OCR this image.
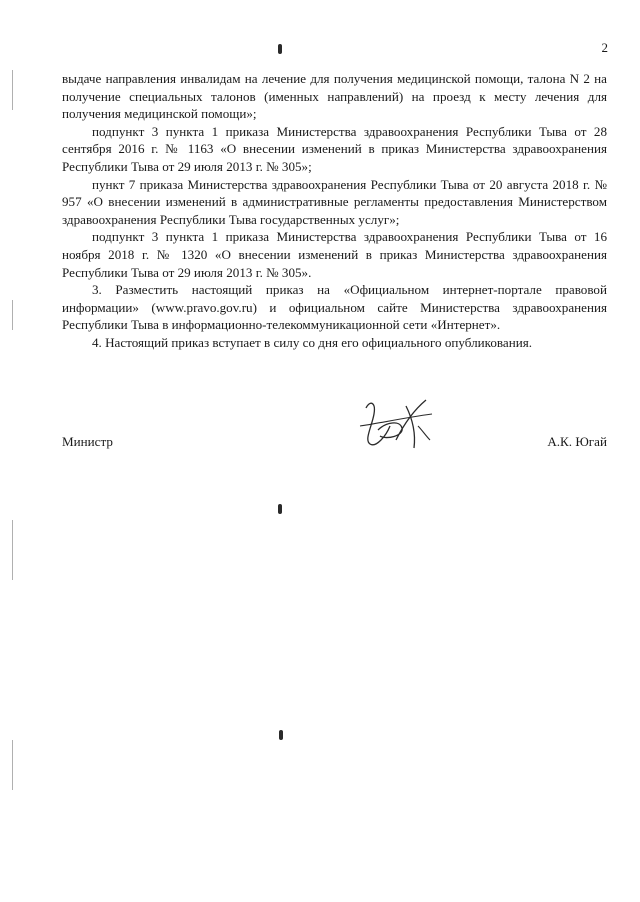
2

выдаче направления инвалидам на лечение для получения медицинской помощи, талона N 2 на получение специальных талонов (именных направлений) на проезд к месту лечения для получения медицинской помощи»;

подпункт 3 пункта 1 приказа Министерства здравоохранения Республики Тыва от 28 сентября 2016 г. № 1163 «О внесении изменений в приказ Министерства здравоохранения Республики Тыва от 29 июля 2013 г. № 305»;

пункт 7 приказа Министерства здравоохранения Республики Тыва от 20 августа 2018 г. № 957 «О внесении изменений в административные регламенты предоставления Министерством здравоохранения Республики Тыва государственных услуг»;

подпункт 3 пункта 1 приказа Министерства здравоохранения Республики Тыва от 16 ноября 2018 г. № 1320 «О внесении изменений в приказ Министерства здравоохранения Республики Тыва от 29 июля 2013 г. № 305».

3. Разместить настоящий приказ на «Официальном интернет-портале правовой информации» (www.pravo.gov.ru) и официальном сайте Министерства здравоохранения Республики Тыва в информационно-телекоммуникационной сети «Интернет».

4. Настоящий приказ вступает в силу со дня его официального опубликования.

Министр	А.К. Югай
